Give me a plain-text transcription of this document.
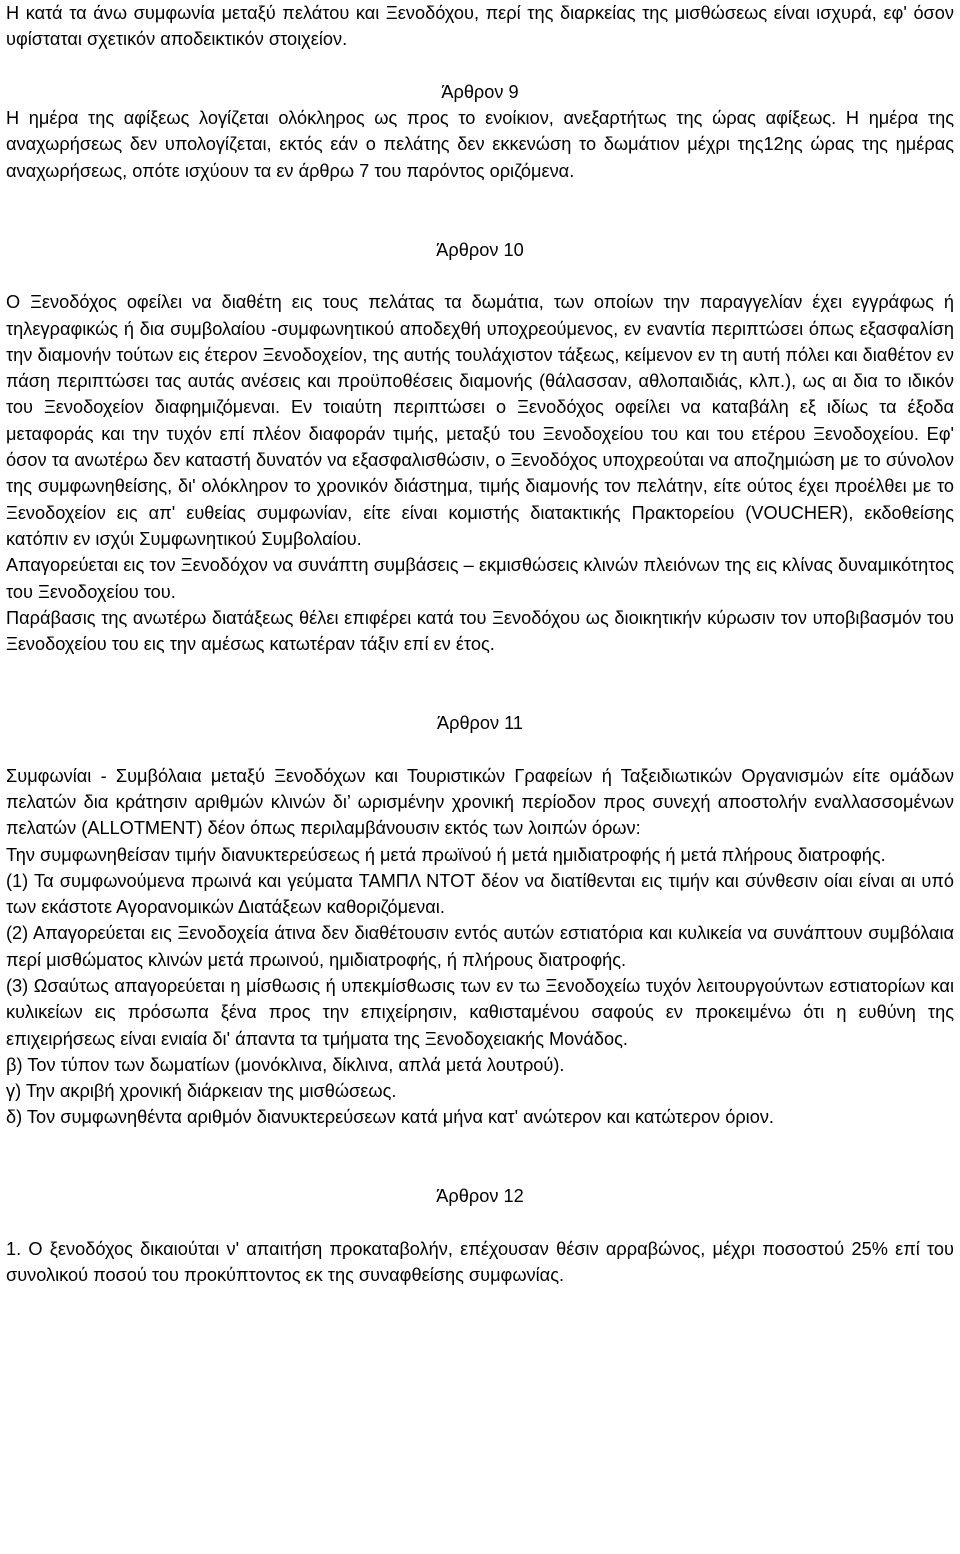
Η κατά τα άνω συμφωνία μεταξύ πελάτου και Ξενοδόχου, περί της διαρκείας της μισθώσεως είναι ισχυρά, εφ' όσον υφίσταται σχετικόν αποδεικτικόν στοιχείον.

Άρθρον 9

Η ημέρα της αφίξεως λογίζεται ολόκληρος ως προς το ενοίκιον, ανεξαρτήτως της ώρας αφίξεως. Η ημέρα της αναχωρήσεως δεν υπολογίζεται, εκτός εάν ο πελάτης δεν εκκενώση το δωμάτιον μέχρι της12ης ώρας της ημέρας αναχωρήσεως, οπότε ισχύουν τα εν άρθρω 7 του παρόντος οριζόμενα.

Άρθρον 10

Ο Ξενοδόχος οφείλει να διαθέτη εις τους πελάτας τα δωμάτια, των οποίων την παραγγελίαν έχει εγγράφως ή τηλεγραφικώς ή δια συμβολαίου -συμφωνητικού αποδεχθή υποχρεούμενος, εν εναντία περιπτώσει όπως εξασφαλίση την διαμονήν τούτων εις έτερον Ξενοδοχείον, της αυτής τουλάχιστον τάξεως, κείμενον εν τη αυτή πόλει και διαθέτον εν πάση περιπτώσει τας αυτάς ανέσεις και προϋποθέσεις διαμονής (θάλασσαν, αθλοπαιδιάς, κλπ.), ως αι δια το ιδικόν του Ξενοδοχείον διαφημιζόμεναι. Εν τοιαύτη περιπτώσει ο Ξενοδόχος οφείλει να καταβάλη εξ ιδίως τα έξοδα μεταφοράς και την τυχόν επί πλέον διαφοράν τιμής, μεταξύ του Ξενοδοχείου του και του ετέρου Ξενοδοχείου. Εφ' όσον τα ανωτέρω δεν καταστή δυνατόν να εξασφαλισθώσιν, ο Ξενοδόχος υποχρεούται να αποζημιώση με το σύνολον της συμφωνηθείσης, δι' ολόκληρον το χρονικόν διάστημα, τιμής διαμονής τον πελάτην, είτε ούτος έχει προέλθει με το Ξενοδοχείον εις απ' ευθείας συμφωνίαν, είτε είναι κομιστής διατακτικής Πρακτορείου (VOUCHER), εκδοθείσης κατόπιν εν ισχύι Συμφωνητικού Συμβολαίου.

Απαγορεύεται εις τον Ξενοδόχον να συνάπτη συμβάσεις – εκμισθώσεις κλινών πλειόνων της εις κλίνας δυναμικότητος του Ξενοδοχείου του.

Παράβασις της ανωτέρω διατάξεως θέλει επιφέρει κατά του Ξενοδόχου ως διοικητικήν κύρωσιν τον υποβιβασμόν του Ξενοδοχείου του εις την αμέσως κατωτέραν τάξιν επί εν έτος.

Άρθρον 11

Συμφωνίαι - Συμβόλαια μεταξύ Ξενοδόχων και Τουριστικών Γραφείων ή Ταξειδιωτικών Οργανισμών είτε ομάδων πελατών δια κράτησιν αριθμών κλινών δι’ ωρισμένην χρονική περίοδον προς συνεχή αποστολήν εναλλασσομένων πελατών (ALLOTMENT) δέον όπως περιλαμβάνουσιν εκτός των λοιπών όρων:

Την συμφωνηθείσαν τιμήν διανυκτερεύσεως ή μετά πρωϊνού ή μετά ημιδιατροφής ή μετά πλήρους διατροφής.

(1) Τα συμφωνούμενα πρωινά και γεύματα ΤΑΜΠΛ ΝΤΟΤ δέον να διατίθενται εις τιμήν και σύνθεσιν οίαι είναι αι υπό των εκάστοτε Αγορανομικών Διατάξεων καθοριζόμεναι.

(2) Απαγορεύεται εις Ξενοδοχεία άτινα δεν διαθέτουσιν εντός αυτών εστιατόρια και κυλικεία να συνάπτουν συμβόλαια περί μισθώματος κλινών μετά πρωινού, ημιδιατροφής, ή πλήρους διατροφής.

(3) Ωσαύτως απαγορεύεται η μίσθωσις ή υπεκμίσθωσις των εν τω Ξενοδοχείω τυχόν λειτουργούντων εστιατορίων και κυλικείων εις πρόσωπα ξένα προς την επιχείρησιν, καθισταμένου σαφούς εν προκειμένω ότι η ευθύνη της επιχειρήσεως είναι ενιαία δι' άπαντα τα τμήματα της Ξενοδοχειακής Μονάδος.

β) Τον τύπον των δωματίων (μονόκλινα, δίκλινα, απλά μετά λουτρού).

γ) Την ακριβή χρονική διάρκειαν της μισθώσεως.

δ) Τον συμφωνηθέντα αριθμόν διανυκτερεύσεων κατά μήνα κατ' ανώτερον και κατώτερον όριον.

Άρθρον 12

1. Ο ξενοδόχος δικαιούται ν' απαιτήση προκαταβολήν, επέχουσαν θέσιν αρραβώνος, μέχρι ποσοστού 25% επί του συνολικού ποσού του προκύπτοντος εκ της συναφθείσης συμφωνίας.
